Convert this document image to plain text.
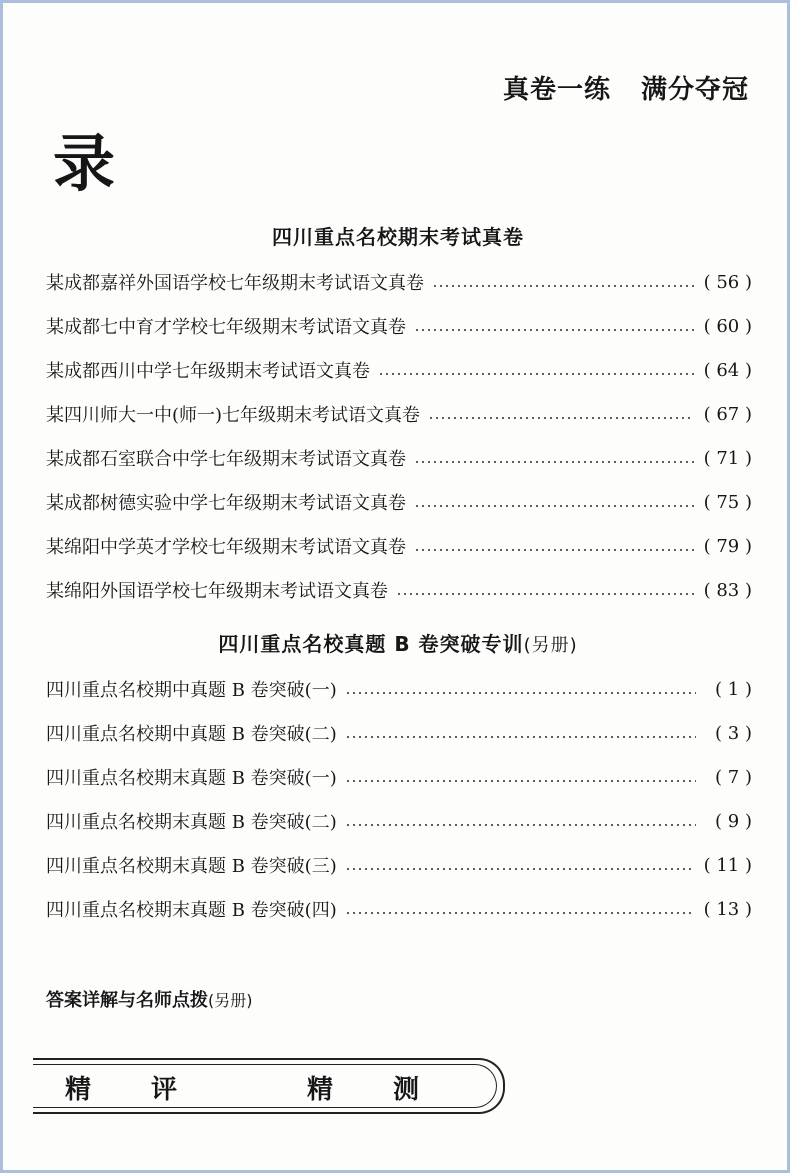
真卷一练 满分夺冠
录
四川重点名校期末考试真卷
某成都嘉祥外国语学校七年级期末考试语文真卷	( 56 )
某成都七中育才学校七年级期末考试语文真卷	( 60 )
某成都西川中学七年级期末考试语文真卷	( 64 )
某四川师大一中(师一)七年级期末考试语文真卷	( 67 )
某成都石室联合中学七年级期末考试语文真卷	( 71 )
某成都树德实验中学七年级期末考试语文真卷	( 75 )
某绵阳中学英才学校七年级期末考试语文真卷	( 79 )
某绵阳外国语学校七年级期末考试语文真卷	( 83 )
四川重点名校真题 B 卷突破专训(另册)
四川重点名校期中真题 B 卷突破(一)	( 1 )
四川重点名校期中真题 B 卷突破(二)	( 3 )
四川重点名校期末真题 B 卷突破(一)	( 7 )
四川重点名校期末真题 B 卷突破(二)	( 9 )
四川重点名校期末真题 B 卷突破(三)	( 11 )
四川重点名校期末真题 B 卷突破(四)	( 13 )
答案详解与名师点拨(另册)
精 评	精 测
